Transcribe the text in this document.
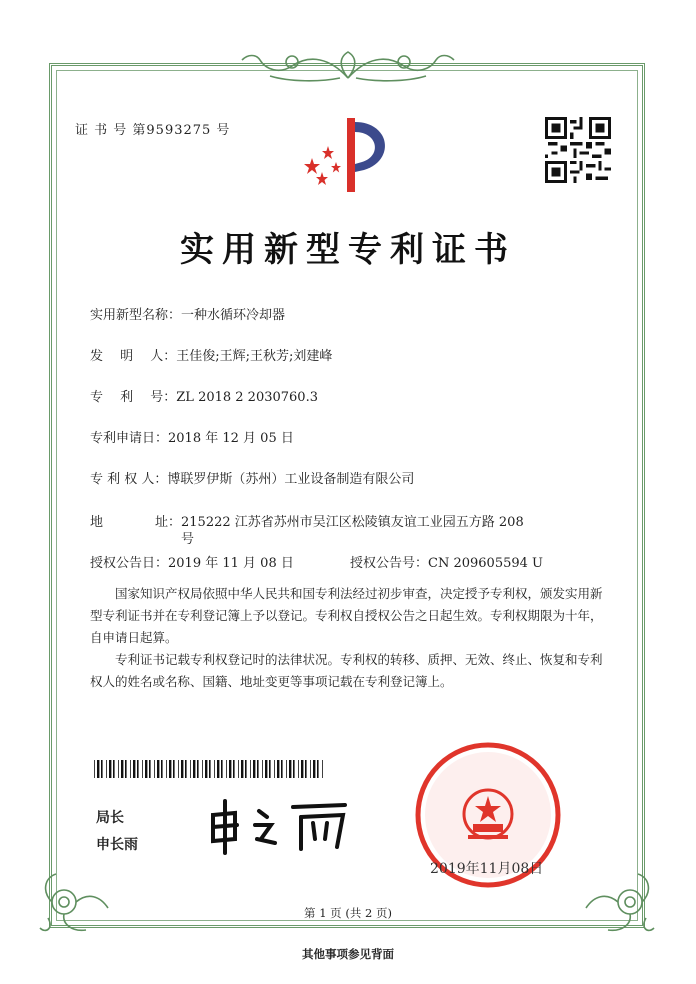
证 书 号 第9593275 号
实用新型专利证书
实用新型名称：一种水循环冷却器
发　 明　 人：王佳俊;王辉;王秋芳;刘建峰
专　 利　 号：ZL 2018 2 2030760.3
专利申请日：2018 年 12 月 05 日
专 利 权 人：博联罗伊斯（苏州）工业设备制造有限公司
地　　　　址：215222 江苏省苏州市吴江区松陵镇友谊工业园五方路 208
号
授权公告日：2019 年 11 月 08 日	授权公告号：CN 209605594 U
国家知识产权局依照中华人民共和国专利法经过初步审查，决定授予专利权，颁发实用新型专利证书并在专利登记簿上予以登记。专利权自授权公告之日起生效。专利权期限为十年，自申请日起算。
专利证书记载专利权登记时的法律状况。专利权的转移、质押、无效、终止、恢复和专利权人的姓名或名称、国籍、地址变更等事项记载在专利登记簿上。
局长
申长雨
2019年11月08日
第 1 页 (共 2 页)
其他事项参见背面
